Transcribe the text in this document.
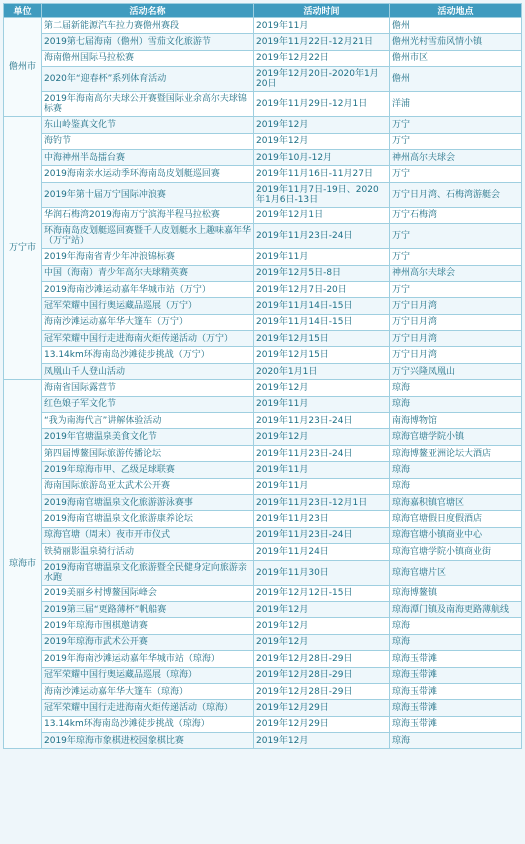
单位	活动名称	活动时间	活动地点
儋州市	第二届新能源汽车拉力赛儋州赛段	2019年11月	儋州
	2019第七届海南（儋州）雪茄文化旅游节	2019年11月22日-12月21日	儋州光村雪茄风情小镇
	海南儋州国际马拉松赛	2019年12月22日	儋州市区
	2020年“迎春杯”系列体育活动	2019年12月20日-2020年1月20日	儋州
	2019年海南高尔夫球公开赛暨国际业余高尔夫球锦标赛	2019年11月29日-12月1日	洋浦
万宁市	东山岭鉴真文化节	2019年12月	万宁
	海钓节	2019年12月	万宁
	中海神州半岛擂台赛	2019年10月-12月	神州高尔夫球会
	2019海南亲水运动季环海南岛皮划艇巡回赛	2019年11月16日-11月27日	万宁
	2019年第十届万宁国际冲浪赛	2019年11月7日-19日、2020年1月6日-13日	万宁日月湾、石梅湾游艇会
	华润石梅湾2019海南万宁滨海半程马拉松赛	2019年12月1日	万宁石梅湾
	环海南岛皮划艇巡回赛暨千人皮划艇水上趣味嘉年华（万宁站）	2019年11月23日-24日	万宁
	2019年海南省青少年冲浪锦标赛	2019年11月	万宁
	中国（海南）青少年高尔夫球精英赛	2019年12月5日-8日	神州高尔夫球会
	2019海南沙滩运动嘉年华城市站（万宁）	2019年12月7日-20日	万宁
	冠军荣耀中国行奥运藏品巡展（万宁）	2019年11月14日-15日	万宁日月湾
	海南沙滩运动嘉年华大篷车（万宁）	2019年11月14日-15日	万宁日月湾
	冠军荣耀中国行走进海南火炬传递活动（万宁）	2019年12月15日	万宁日月湾
	13.14km环海南岛沙滩徒步挑战（万宁）	2019年12月15日	万宁日月湾
	凤凰山千人登山活动	2020年1月1日	万宁兴隆凤凰山
琼海市	海南省国际露营节	2019年12月	琼海
	红色娘子军文化节	2019年11月	琼海
	“我为南海代言”讲解体验活动	2019年11月23日-24日	南海博物馆
	2019年官塘温泉美食文化节	2019年12月	琼海官塘学院小镇
	第四届博鳌国际旅游传播论坛	2019年11月23日-24日	琼海博鳌亚洲论坛大酒店
	2019年琼海市甲、乙级足球联赛	2019年11月	琼海
	海南国际旅游岛亚太武术公开赛	2019年11月	琼海
	2019海南官塘温泉文化旅游游泳赛事	2019年11月23日-12月1日	琼海嘉积镇官塘区
	2019海南官塘温泉文化旅游康养论坛	2019年11月23日	琼海官塘假日度假酒店
	琼海官塘（周末）夜市开市仪式	2019年11月23日-24日	琼海官塘小镇商业中心
	铁骑丽影温泉骑行活动	2019年11月24日	琼海官塘学院小镇商业街
	2019海南官塘温泉文化旅游暨全民健身定向旅游亲水跑	2019年11月30日	琼海官塘片区
	2019美丽乡村博鳌国际峰会	2019年12月12日-15日	琼海博鳌镇
	2019第三届“更路薄杯”帆船赛	2019年12月	琼海潭门镇及南海更路薄航线
	2019年琼海市围棋邀请赛	2019年12月	琼海
	2019年琼海市武术公开赛	2019年12月	琼海
	2019年海南沙滩运动嘉年华城市站（琼海）	2019年12月28日-29日	琼海玉带滩
	冠军荣耀中国行奥运藏品巡展（琼海）	2019年12月28日-29日	琼海玉带滩
	海南沙滩运动嘉年华大篷车（琼海）	2019年12月28日-29日	琼海玉带滩
	冠军荣耀中国行走进海南火炬传递活动（琼海）	2019年12月29日	琼海玉带滩
	13.14km环海南岛沙滩徒步挑战（琼海）	2019年12月29日	琼海玉带滩
	2019年琼海市象棋进校园象棋比赛	2019年12月	琼海
